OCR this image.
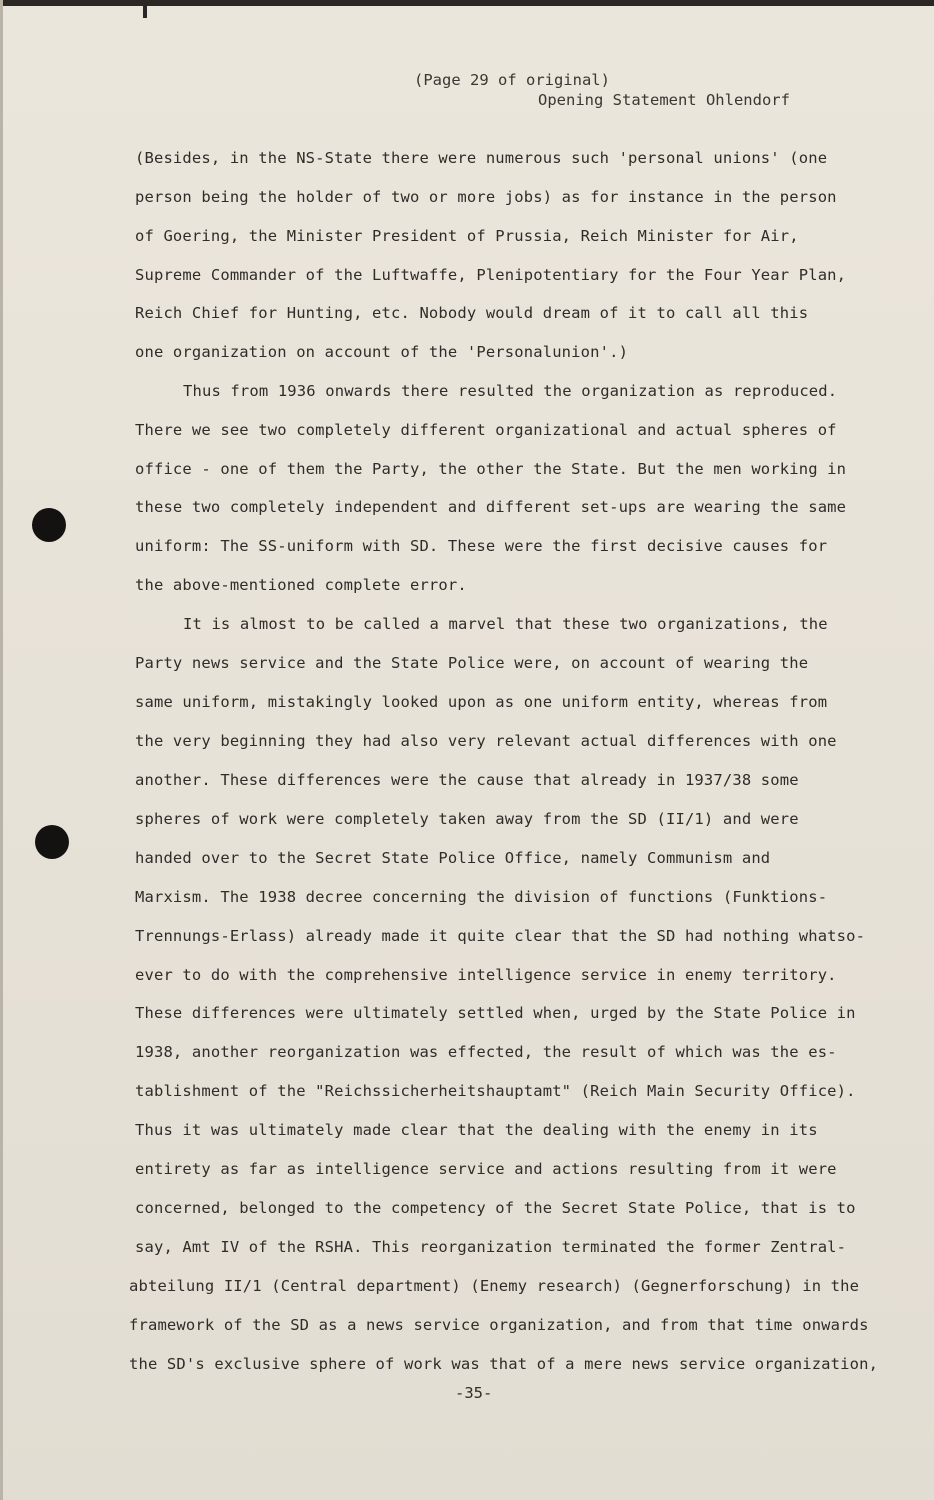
(Page 29 of original)
Opening Statement Ohlendorf
(Besides, in the NS-State there were numerous such 'personal unions' (one
person being the holder of two or more jobs) as for instance in the person
of Goering, the Minister President of Prussia, Reich Minister for Air,
Supreme Commander of the Luftwaffe, Plenipotentiary for the Four Year Plan,
Reich Chief for Hunting, etc. Nobody would dream of it to call all this
one organization on account of the 'Personalunion'.)
Thus from 1936 onwards there resulted the organization as reproduced.
There we see two completely different organizational and actual spheres of
office - one of them the Party, the other the State. But the men working in
these two completely independent and different set-ups are wearing the same
uniform: The SS-uniform with SD. These were the first decisive causes for
the above-mentioned complete error.
It is almost to be called a marvel that these two organizations, the
Party news service and the State Police were, on account of wearing the
same uniform, mistakingly looked upon as one uniform entity, whereas from
the very beginning they had also very relevant actual differences with one
another. These differences were the cause that already in 1937/38 some
spheres of work were completely taken away from the SD (II/1) and were
handed over to the Secret State Police Office, namely Communism and
Marxism. The 1938 decree concerning the division of functions (Funktions-
Trennungs-Erlass) already made it quite clear that the SD had nothing whatso-
ever to do with the comprehensive intelligence service in enemy territory.
These differences were ultimately settled when, urged by the State Police in
1938, another reorganization was effected, the result of which was the es-
tablishment of the "Reichssicherheitshauptamt" (Reich Main Security Office).
Thus it was ultimately made clear that the dealing with the enemy in its
entirety as far as intelligence service and actions resulting from it were
concerned, belonged to the competency of the Secret State Police, that is to
say, Amt IV of the RSHA. This reorganization terminated the former Zentral-
abteilung II/1 (Central department) (Enemy research) (Gegnerforschung) in the
framework of the SD as a news service organization, and from that time onwards
the SD's exclusive sphere of work was that of a mere news service organization,
-35-
